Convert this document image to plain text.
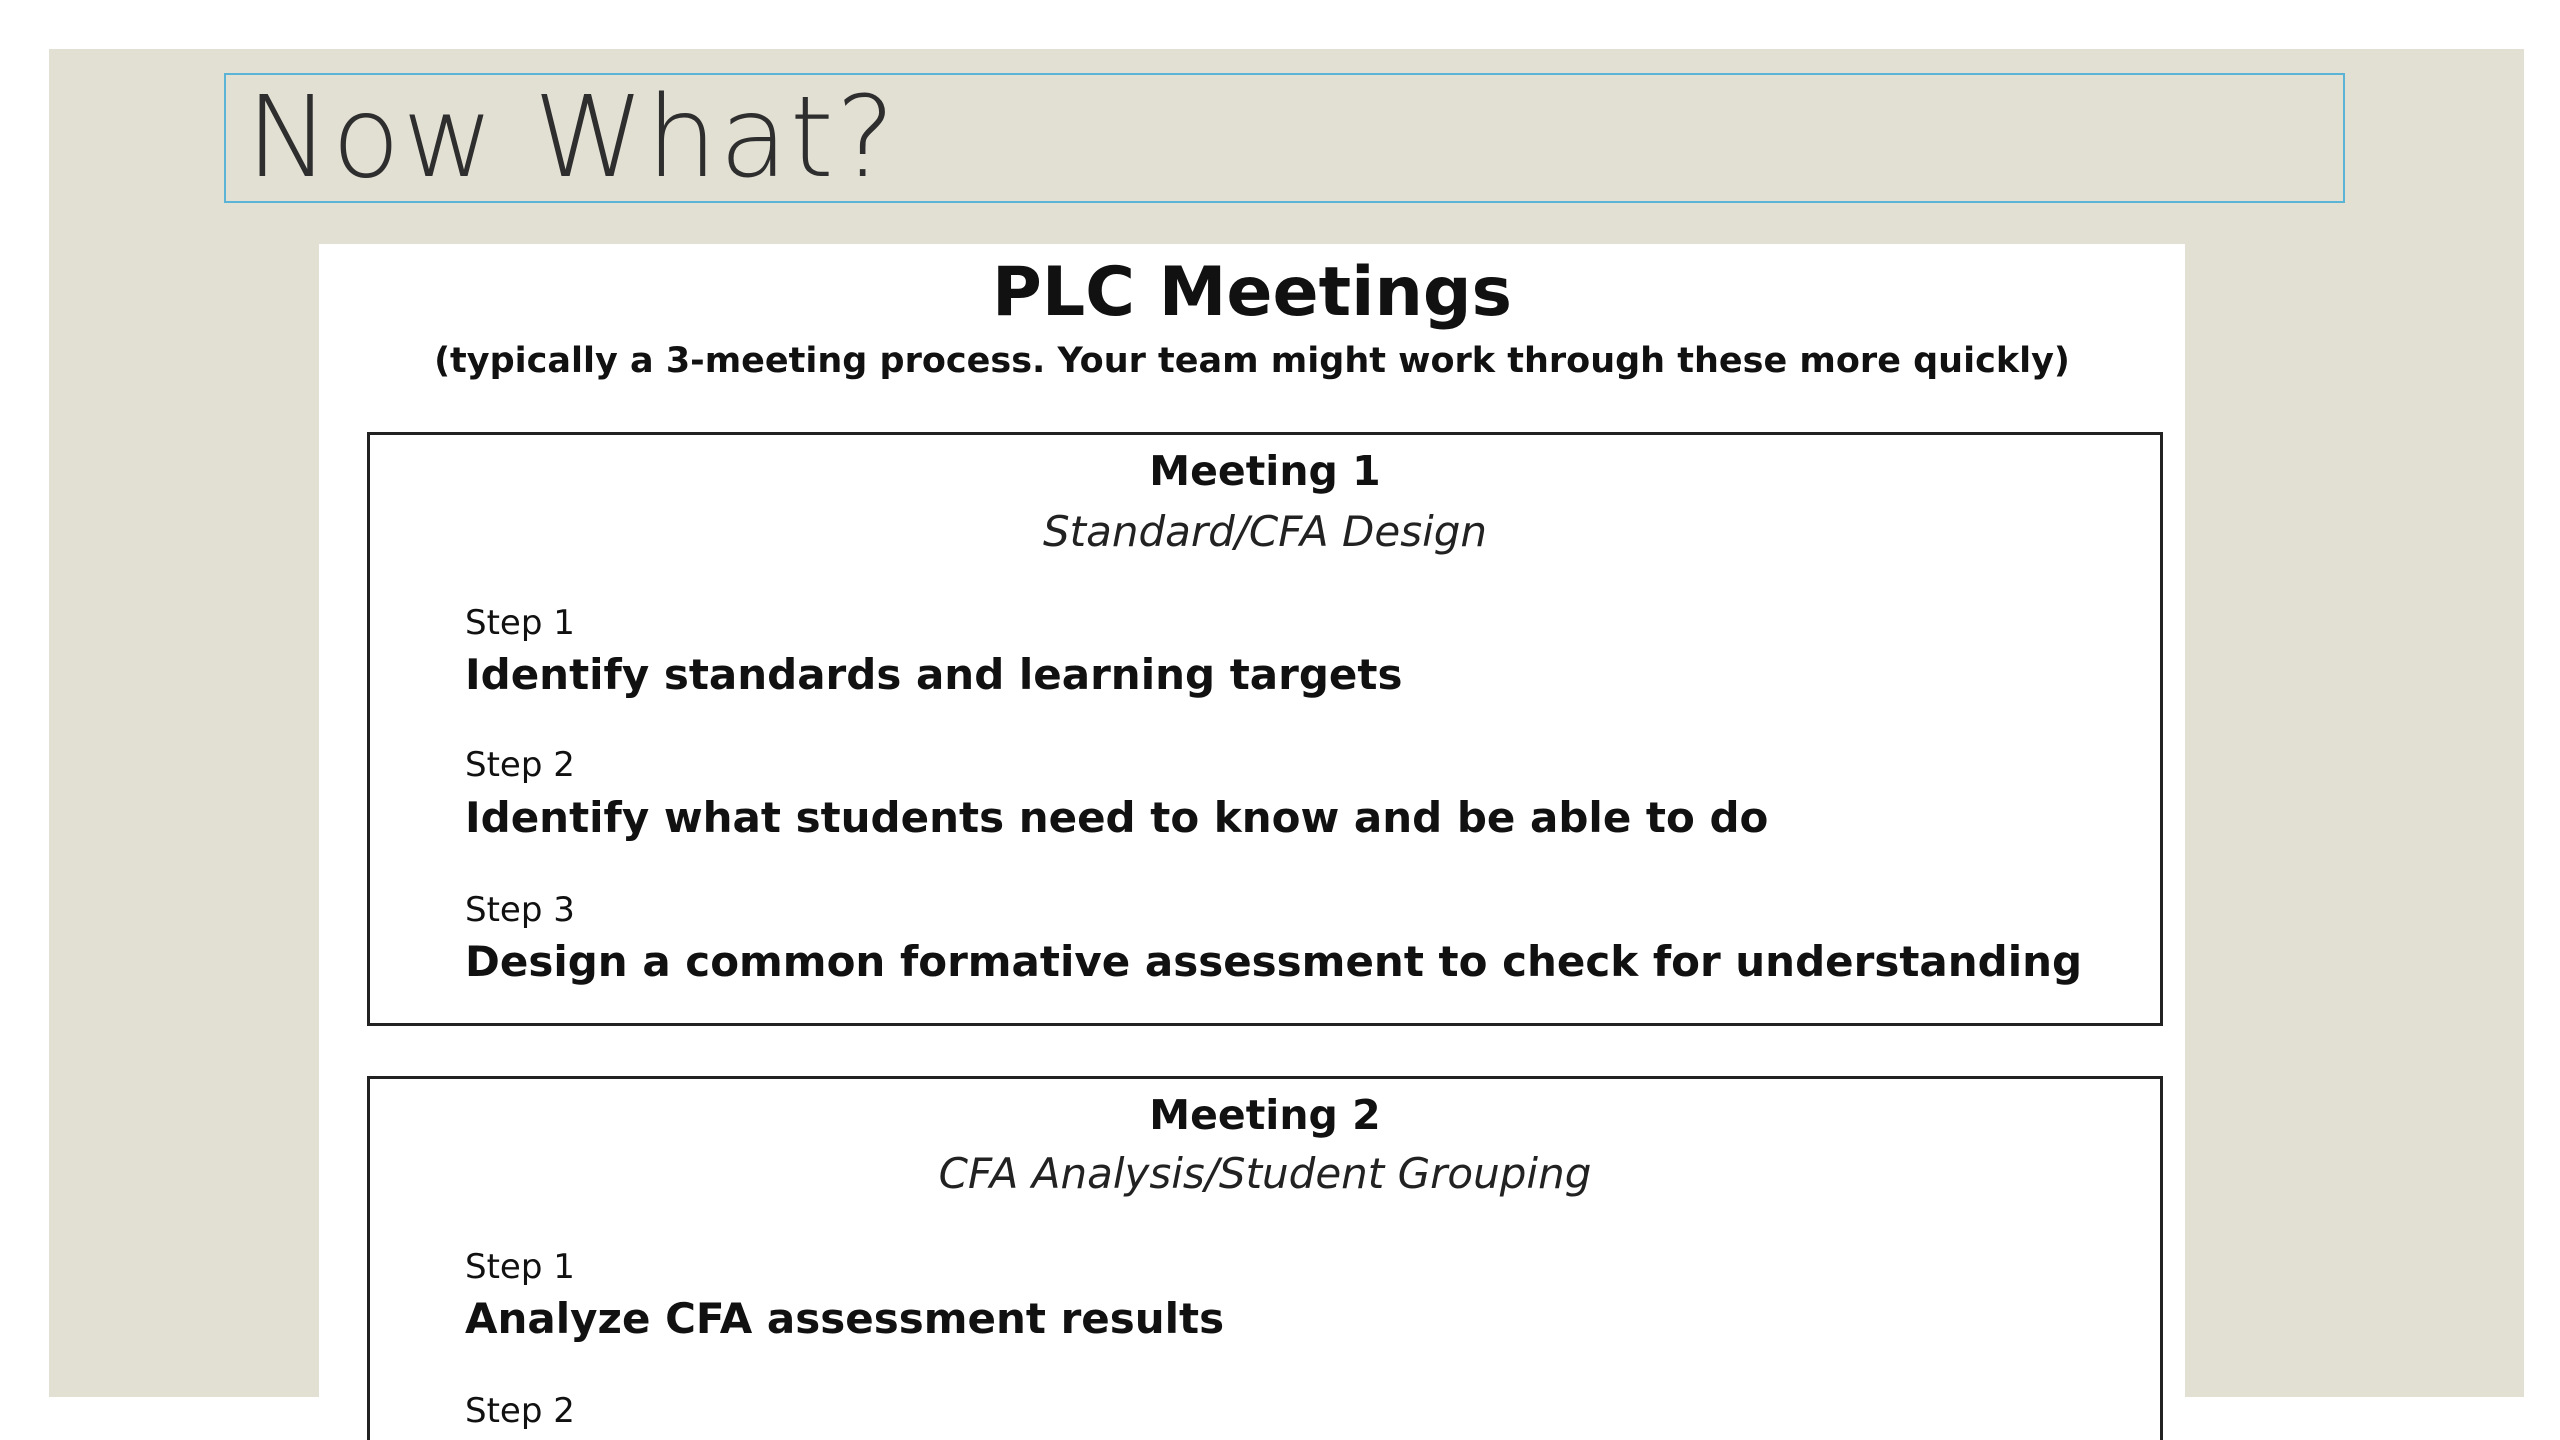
Now What?
PLC Meetings
(typically a 3-meeting process. Your team might work through these more quickly)
Meeting 1
Standard/CFA Design
Step 1
Identify standards and learning targets
Step 2
Identify what students need to know and be able to do
Step 3
Design a common formative assessment to check for understanding
Meeting 2
CFA Analysis/Student Grouping
Step 1
Analyze CFA assessment results
Step 2
